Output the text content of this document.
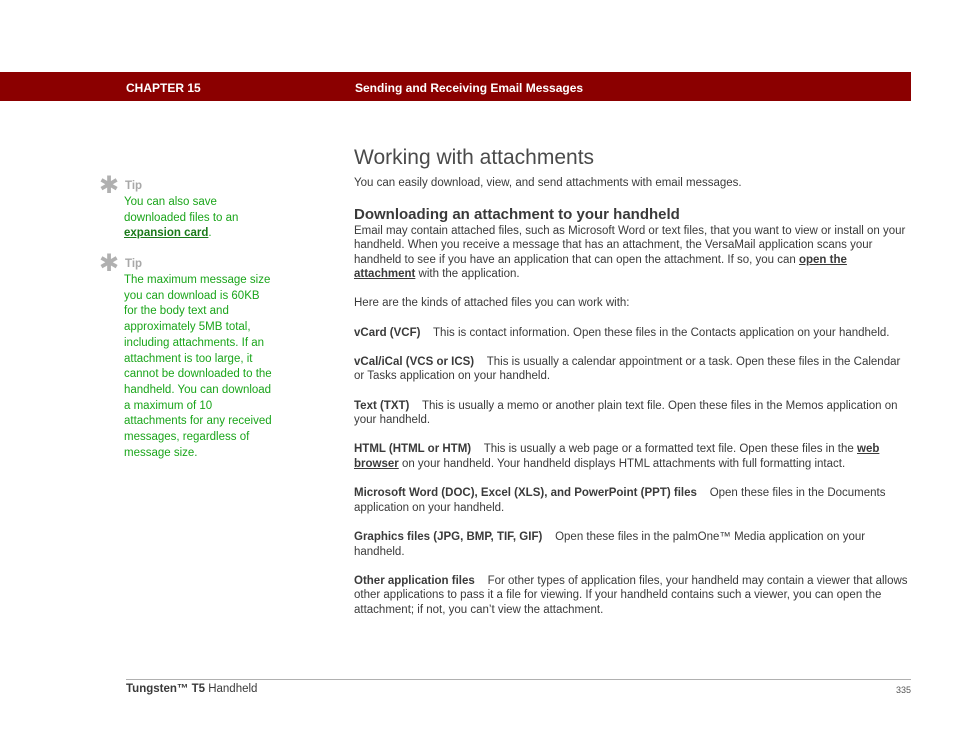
CHAPTER 15	Sending and Receiving Email Messages
✱ Tip
You can also save downloaded files to an expansion card.
✱ Tip
The maximum message size you can download is 60KB for the body text and approximately 5MB total, including attachments. If an attachment is too large, it cannot be downloaded to the handheld. You can download a maximum of 10 attachments for any received messages, regardless of message size.
Working with attachments

You can easily download, view, and send attachments with email messages.

Downloading an attachment to your handheld

Email may contain attached files, such as Microsoft Word or text files, that you want to view or install on your handheld. When you receive a message that has an attachment, the VersaMail application scans your handheld to see if you have an application that can open the attachment. If so, you can open the attachment with the application.

Here are the kinds of attached files you can work with:

vCard (VCF) This is contact information. Open these files in the Contacts application on your handheld.

vCal/iCal (VCS or ICS) This is usually a calendar appointment or a task. Open these files in the Calendar or Tasks application on your handheld.

Text (TXT) This is usually a memo or another plain text file. Open these files in the Memos application on your handheld.

HTML (HTML or HTM) This is usually a web page or a formatted text file. Open these files in the web browser on your handheld. Your handheld displays HTML attachments with full formatting intact.

Microsoft Word (DOC), Excel (XLS), and PowerPoint (PPT) files Open these files in the Documents application on your handheld.

Graphics files (JPG, BMP, TIF, GIF) Open these files in the palmOne™ Media application on your handheld.

Other application files For other types of application files, your handheld may contain a viewer that allows other applications to pass it a file for viewing. If your handheld contains such a viewer, you can open the attachment; if not, you can’t view the attachment.

Tungsten™ T5 Handheld	335
